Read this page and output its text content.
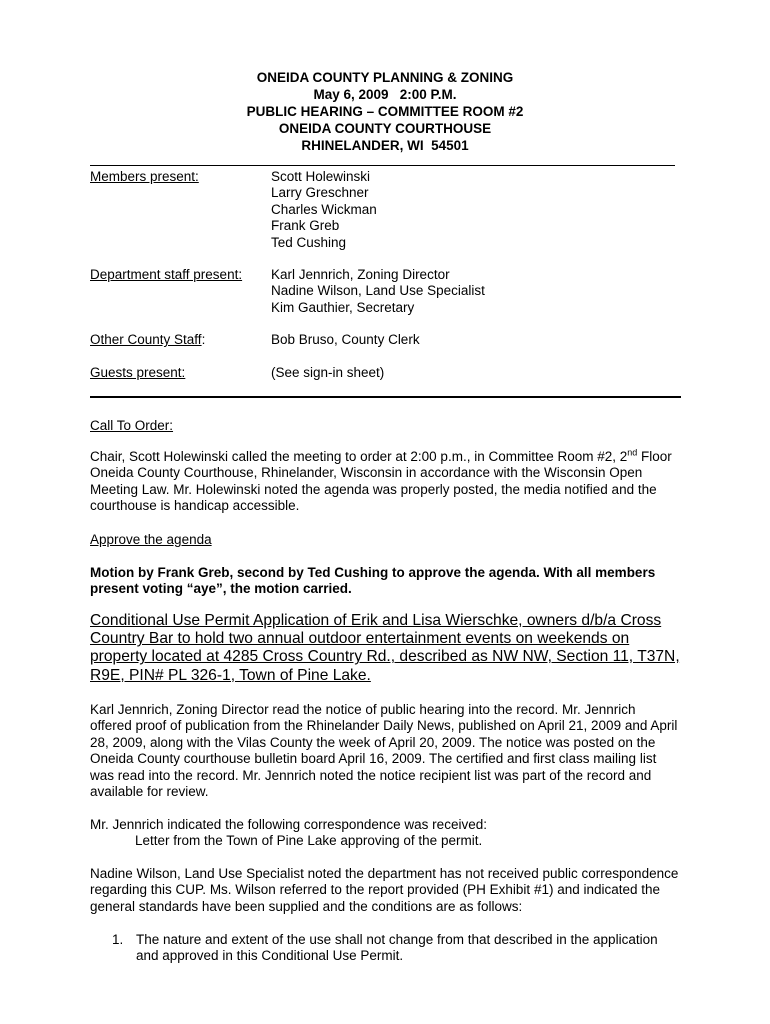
ONEIDA COUNTY PLANNING & ZONING
May 6, 2009   2:00 P.M.
PUBLIC HEARING – COMMITTEE ROOM #2
ONEIDA COUNTY COURTHOUSE
RHINELANDER, WI  54501
Members present:	Scott Holewinski
Larry Greschner
Charles Wickman
Frank Greb
Ted Cushing
Department staff present: Karl Jennrich, Zoning Director
Nadine Wilson, Land Use Specialist
Kim Gauthier, Secretary
Other County Staff:	Bob Bruso, County Clerk
Guests present:	(See sign-in sheet)
Call To Order:

Chair, Scott Holewinski called the meeting to order at 2:00 p.m., in Committee Room #2, 2nd Floor Oneida County Courthouse, Rhinelander, Wisconsin in accordance with the Wisconsin Open Meeting Law. Mr. Holewinski noted the agenda was properly posted, the media notified and the courthouse is handicap accessible.

Approve the agenda
Motion by Frank Greb, second by Ted Cushing to approve the agenda. With all members present voting “aye”, the motion carried.
Conditional Use Permit Application of Erik and Lisa Wierschke, owners d/b/a Cross Country Bar to hold two annual outdoor entertainment events on weekends on property located at 4285 Cross Country Rd., described as NW NW, Section 11, T37N, R9E, PIN# PL 326-1, Town of Pine Lake.
Karl Jennrich, Zoning Director read the notice of public hearing into the record. Mr. Jennrich offered proof of publication from the Rhinelander Daily News, published on April 21, 2009 and April 28, 2009, along with the Vilas County the week of April 20, 2009. The notice was posted on the Oneida County courthouse bulletin board April 16, 2009. The certified and first class mailing list was read into the record. Mr. Jennrich noted the notice recipient list was part of the record and available for review.
Mr. Jennrich indicated the following correspondence was received:
Letter from the Town of Pine Lake approving of the permit.
Nadine Wilson, Land Use Specialist noted the department has not received public correspondence regarding this CUP. Ms. Wilson referred to the report provided (PH Exhibit #1) and indicated the general standards have been supplied and the conditions are as follows:
1. The nature and extent of the use shall not change from that described in the application and approved in this Conditional Use Permit.
